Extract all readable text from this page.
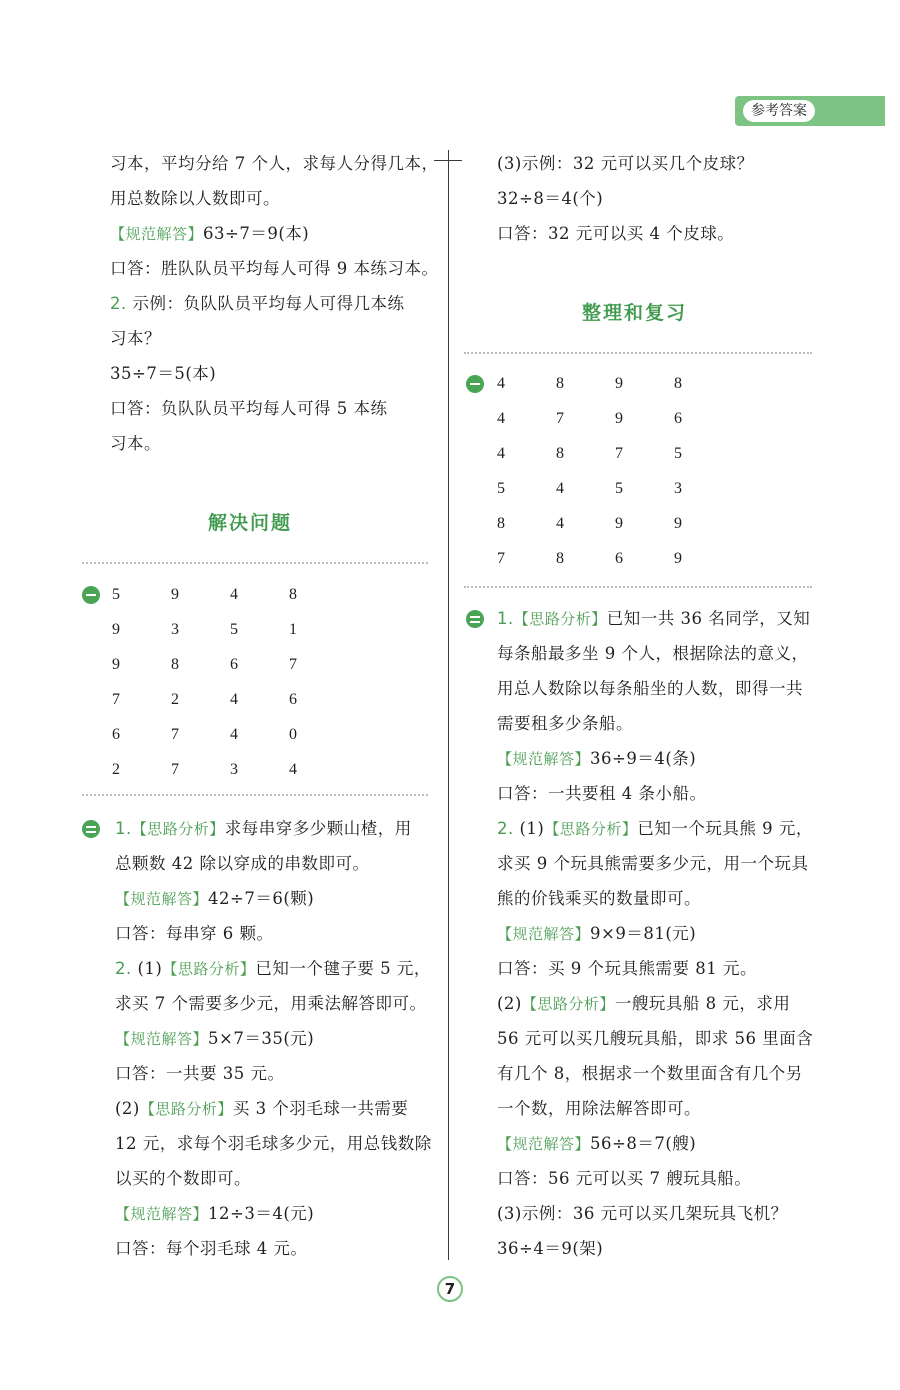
参考答案
习本，平均分给 7 个人，求每人分得几本，
用总数除以人数即可。
【规范解答】63÷7＝9(本)
口答：胜队队员平均每人可得 9 本练习本。
2. 示例：负队队员平均每人可得几本练
习本？
35÷7＝5(本)
口答：负队队员平均每人可得 5 本练
习本。
解决问题
5	9	4	8
9	3	5	1
9	8	6	7
7	2	4	6
6	7	4	0
2	7	3	4
1.【思路分析】求每串穿多少颗山楂，用
总颗数 42 除以穿成的串数即可。
【规范解答】42÷7＝6(颗)
口答：每串穿 6 颗。
2. (1)【思路分析】已知一个毽子要 5 元，
求买 7 个需要多少元，用乘法解答即可。
【规范解答】5×7＝35(元)
口答：一共要 35 元。
(2)【思路分析】买 3 个羽毛球一共需要
12 元，求每个羽毛球多少元，用总钱数除
以买的个数即可。
【规范解答】12÷3＝4(元)
口答：每个羽毛球 4 元。
(3)示例：32 元可以买几个皮球？
32÷8＝4(个)
口答：32 元可以买 4 个皮球。
整理和复习
4	8	9	8
4	7	9	6
4	8	7	5
5	4	5	3
8	4	9	9
7	8	6	9
1.【思路分析】已知一共 36 名同学，又知
每条船最多坐 9 个人，根据除法的意义，
用总人数除以每条船坐的人数，即得一共
需要租多少条船。
【规范解答】36÷9＝4(条)
口答：一共要租 4 条小船。
2. (1)【思路分析】已知一个玩具熊 9 元，
求买 9 个玩具熊需要多少元，用一个玩具
熊的价钱乘买的数量即可。
【规范解答】9×9＝81(元)
口答：买 9 个玩具熊需要 81 元。
(2)【思路分析】一艘玩具船 8 元，求用
56 元可以买几艘玩具船，即求 56 里面含
有几个 8，根据求一个数里面含有几个另
一个数，用除法解答即可。
【规范解答】56÷8＝7(艘)
口答：56 元可以买 7 艘玩具船。
(3)示例：36 元可以买几架玩具飞机？
36÷4＝9(架)
7
